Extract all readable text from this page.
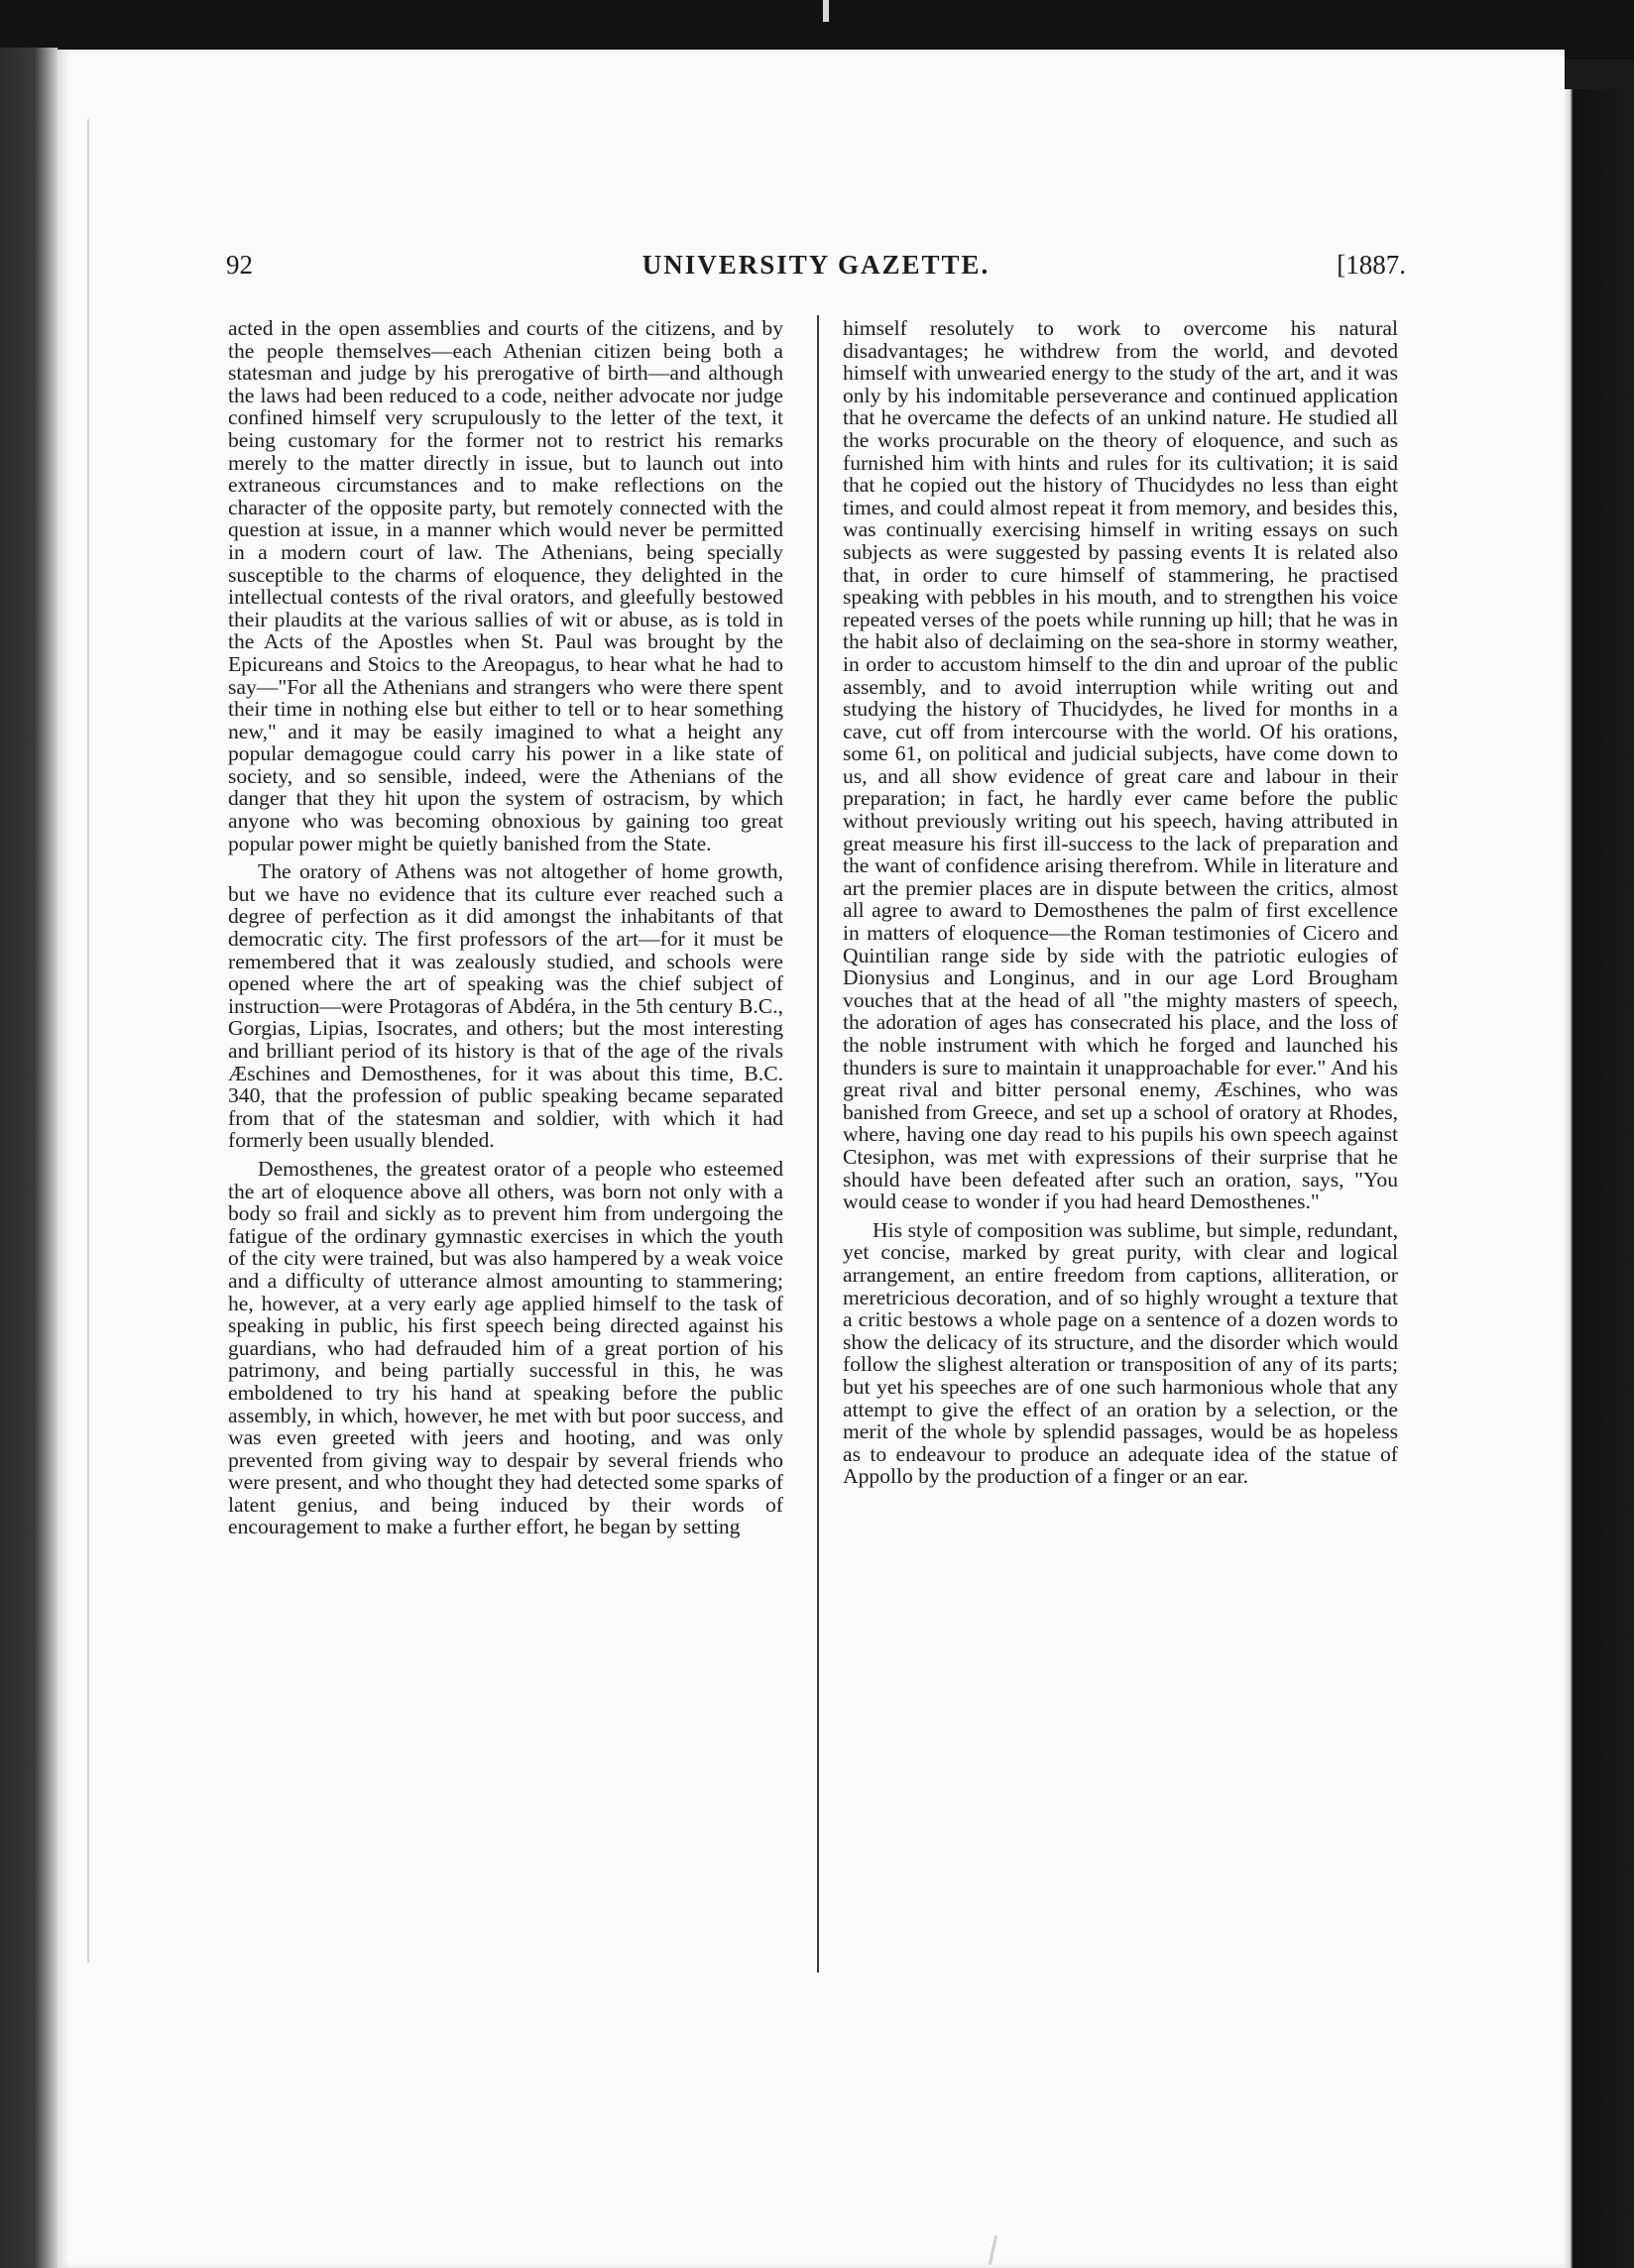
92	UNIVERSITY GAZETTE.	[1887.

acted in the open assemblies and courts of the citizens, and by the people themselves—each Athenian citizen being both a statesman and judge by his prerogative of birth—and although the laws had been reduced to a code, neither advocate nor judge confined himself very scrupulously to the letter of the text, it being customary for the former not to restrict his remarks merely to the matter directly in issue, but to launch out into extraneous circumstances and to make reflections on the character of the opposite party, but remotely connected with the question at issue, in a manner which would never be permitted in a modern court of law. The Athenians, being specially susceptible to the charms of eloquence, they delighted in the intellectual contests of the rival orators, and gleefully bestowed their plaudits at the various sallies of wit or abuse, as is told in the Acts of the Apostles when St. Paul was brought by the Epicureans and Stoics to the Areopagus, to hear what he had to say—"For all the Athenians and strangers who were there spent their time in nothing else but either to tell or to hear something new," and it may be easily imagined to what a height any popular demagogue could carry his power in a like state of society, and so sensible, indeed, were the Athenians of the danger that they hit upon the system of ostracism, by which anyone who was becoming obnoxious by gaining too great popular power might be quietly banished from the State.

The oratory of Athens was not altogether of home growth, but we have no evidence that its culture ever reached such a degree of perfection as it did amongst the inhabitants of that democratic city. The first professors of the art—for it must be remembered that it was zealously studied, and schools were opened where the art of speaking was the chief subject of instruction—were Protagoras of Abdéra, in the 5th century B.C., Gorgias, Lipias, Isocrates, and others; but the most interesting and brilliant period of its history is that of the age of the rivals Æschines and Demosthenes, for it was about this time, B.C. 340, that the profession of public speaking became separated from that of the statesman and soldier, with which it had formerly been usually blended.

Demosthenes, the greatest orator of a people who esteemed the art of eloquence above all others, was born not only with a body so frail and sickly as to prevent him from undergoing the fatigue of the ordinary gymnastic exercises in which the youth of the city were trained, but was also hampered by a weak voice and a difficulty of utterance almost amounting to stammering; he, however, at a very early age applied himself to the task of speaking in public, his first speech being directed against his guardians, who had defrauded him of a great portion of his patrimony, and being partially successful in this, he was emboldened to try his hand at speaking before the public assembly, in which, however, he met with but poor success, and was even greeted with jeers and hooting, and was only prevented from giving way to despair by several friends who were present, and who thought they had detected some sparks of latent genius, and being induced by their words of encouragement to make a further effort, he began by setting

himself resolutely to work to overcome his natural disadvantages; he withdrew from the world, and devoted himself with unwearied energy to the study of the art, and it was only by his indomitable perseverance and continued application that he overcame the defects of an unkind nature. He studied all the works procurable on the theory of eloquence, and such as furnished him with hints and rules for its cultivation; it is said that he copied out the history of Thucidydes no less than eight times, and could almost repeat it from memory, and besides this, was continually exercising himself in writing essays on such subjects as were suggested by passing events It is related also that, in order to cure himself of stammering, he practised speaking with pebbles in his mouth, and to strengthen his voice repeated verses of the poets while running up hill; that he was in the habit also of declaiming on the sea-shore in stormy weather, in order to accustom himself to the din and uproar of the public assembly, and to avoid interruption while writing out and studying the history of Thucidydes, he lived for months in a cave, cut off from intercourse with the world. Of his orations, some 61, on political and judicial subjects, have come down to us, and all show evidence of great care and labour in their preparation; in fact, he hardly ever came before the public without previously writing out his speech, having attributed in great measure his first ill-success to the lack of preparation and the want of confidence arising therefrom. While in literature and art the premier places are in dispute between the critics, almost all agree to award to Demosthenes the palm of first excellence in matters of eloquence—the Roman testimonies of Cicero and Quintilian range side by side with the patriotic eulogies of Dionysius and Longinus, and in our age Lord Brougham vouches that at the head of all "the mighty masters of speech, the adoration of ages has consecrated his place, and the loss of the noble instrument with which he forged and launched his thunders is sure to maintain it unapproachable for ever." And his great rival and bitter personal enemy, Æschines, who was banished from Greece, and set up a school of oratory at Rhodes, where, having one day read to his pupils his own speech against Ctesiphon, was met with expressions of their surprise that he should have been defeated after such an oration, says, "You would cease to wonder if you had heard Demosthenes."

His style of composition was sublime, but simple, redundant, yet concise, marked by great purity, with clear and logical arrangement, an entire freedom from captions, alliteration, or meretricious decoration, and of so highly wrought a texture that a critic bestows a whole page on a sentence of a dozen words to show the delicacy of its structure, and the disorder which would follow the slighest alteration or transposition of any of its parts; but yet his speeches are of one such harmonious whole that any attempt to give the effect of an oration by a selection, or the merit of the whole by splendid passages, would be as hopeless as to endeavour to produce an adequate idea of the statue of Appollo by the production of a finger or an ear.
